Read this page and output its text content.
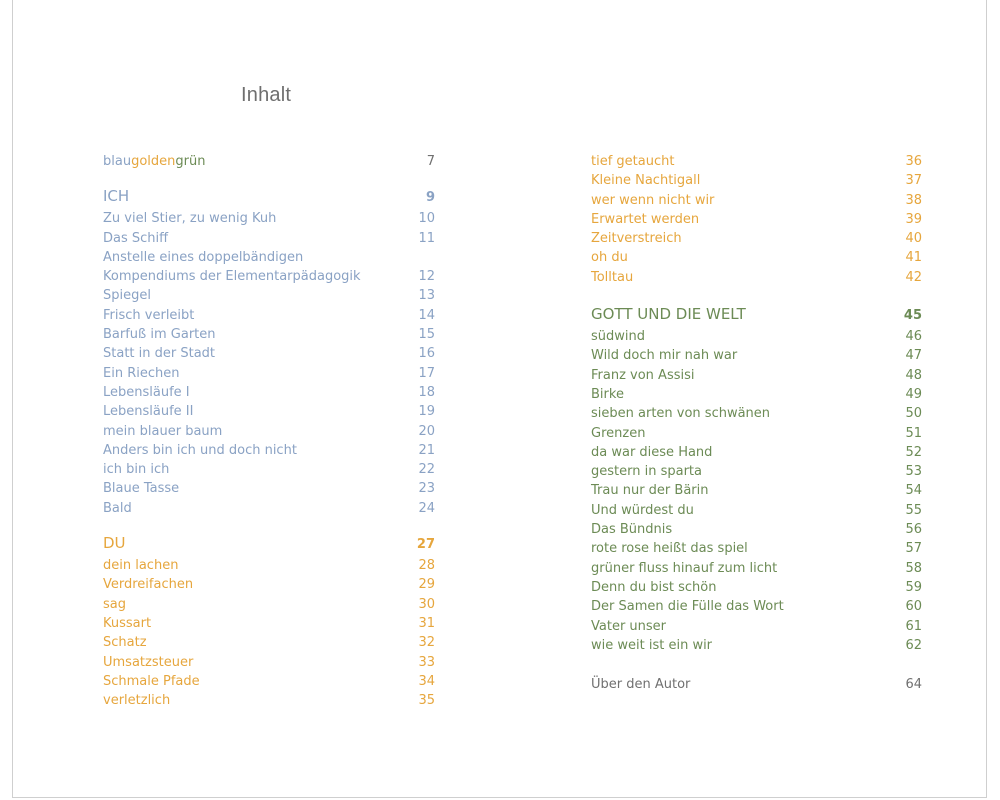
Inhalt
blaugoldengrün	7
ICH	9
Zu viel Stier, zu wenig Kuh	10
Das Schiff	11
Anstelle eines doppelbändigen
Kompendiums der Elementarpädagogik	12
Spiegel	13
Frisch verleibt	14
Barfuß im Garten	15
Statt in der Stadt	16
Ein Riechen	17
Lebensläufe I	18
Lebensläufe II	19
mein blauer baum	20
Anders bin ich und doch nicht	21
ich bin ich	22
Blaue Tasse	23
Bald	24
DU	27
dein lachen	28
Verdreifachen	29
sag	30
Kussart	31
Schatz	32
Umsatzsteuer	33
Schmale Pfade	34
verletzlich	35
tief getaucht	36
Kleine Nachtigall	37
wer wenn nicht wir	38
Erwartet werden	39
Zeitverstreich	40
oh du	41
Tolltau	42
GOTT UND DIE WELT	45
südwind	46
Wild doch mir nah war	47
Franz von Assisi	48
Birke	49
sieben arten von schwänen	50
Grenzen	51
da war diese Hand	52
gestern in sparta	53
Trau nur der Bärin	54
Und würdest du	55
Das Bündnis	56
rote rose heißt das spiel	57
grüner fluss hinauf zum licht	58
Denn du bist schön	59
Der Samen die Fülle das Wort	60
Vater unser	61
wie weit ist ein wir	62
Über den Autor	64
